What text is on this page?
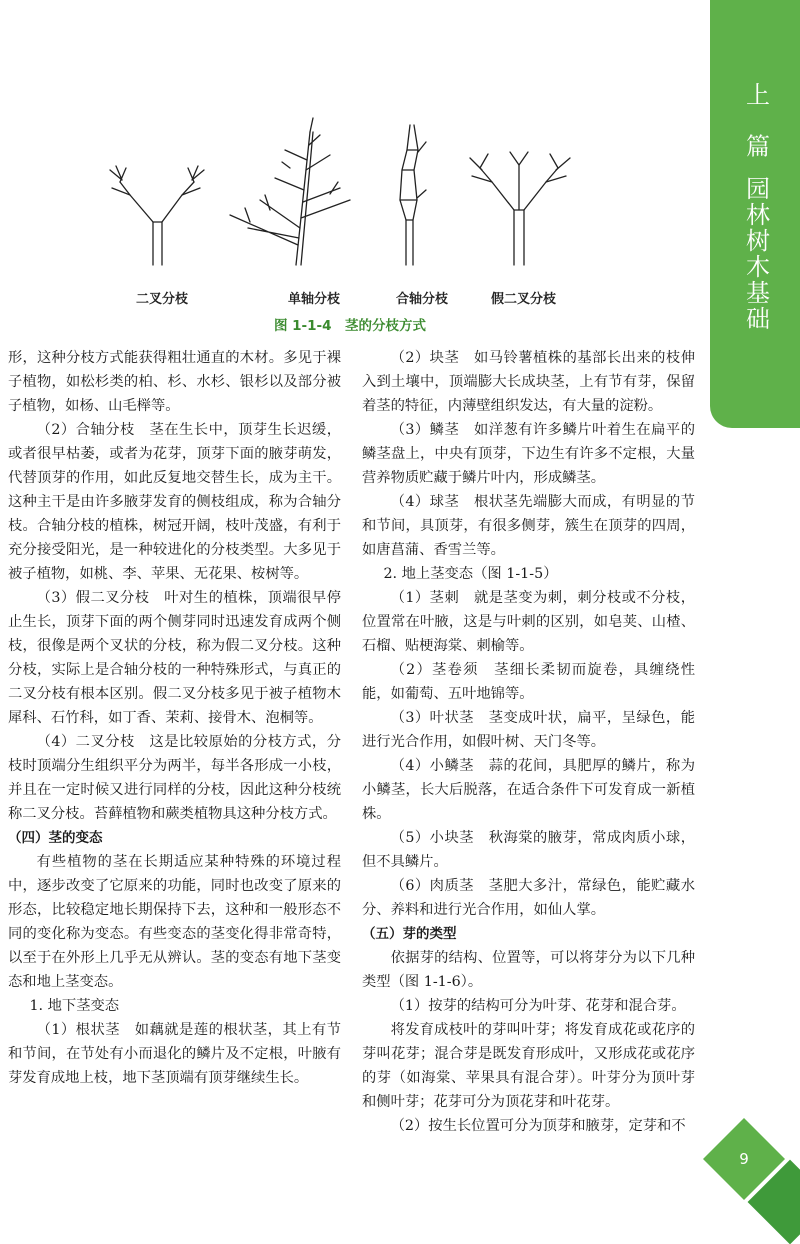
上 篇
园林树木基础
二叉分枝	单轴分枝	合轴分枝	假二叉分枝
图 1-1-4　茎的分枝方式

形，这种分枝方式能获得粗壮通直的木材。多见于裸子植物，如松杉类的柏、杉、水杉、银杉以及部分被子植物，如杨、山毛榉等。

（2）合轴分枝　茎在生长中，顶芽生长迟缓，或者很早枯萎，或者为花芽，顶芽下面的腋芽萌发，代替顶芽的作用，如此反复地交替生长，成为主干。这种主干是由许多腋芽发育的侧枝组成，称为合轴分枝。合轴分枝的植株，树冠开阔，枝叶茂盛，有利于充分接受阳光，是一种较进化的分枝类型。大多见于被子植物，如桃、李、苹果、无花果、桉树等。

（3）假二叉分枝　叶对生的植株，顶端很早停止生长，顶芽下面的两个侧芽同时迅速发育成两个侧枝，很像是两个叉状的分枝，称为假二叉分枝。这种分枝，实际上是合轴分枝的一种特殊形式，与真正的二叉分枝有根本区别。假二叉分枝多见于被子植物木犀科、石竹科，如丁香、茉莉、接骨木、泡桐等。

（4）二叉分枝　这是比较原始的分枝方式，分枝时顶端分生组织平分为两半，每半各形成一小枝，并且在一定时候又进行同样的分枝，因此这种分枝统称二叉分枝。苔藓植物和蕨类植物具这种分枝方式。

（四）茎的变态

有些植物的茎在长期适应某种特殊的环境过程中，逐步改变了它原来的功能，同时也改变了原来的形态，比较稳定地长期保持下去，这种和一般形态不同的变化称为变态。有些变态的茎变化得非常奇特，以至于在外形上几乎无从辨认。茎的变态有地下茎变态和地上茎变态。

1. 地下茎变态

（1）根状茎　如藕就是莲的根状茎，其上有节和节间，在节处有小而退化的鳞片及不定根，叶腋有芽发育成地上枝，地下茎顶端有顶芽继续生长。

（2）块茎　如马铃薯植株的基部长出来的枝伸入到土壤中，顶端膨大长成块茎，上有节有芽，保留着茎的特征，内薄壁组织发达，有大量的淀粉。

（3）鳞茎　如洋葱有许多鳞片叶着生在扁平的鳞茎盘上，中央有顶芽，下边生有许多不定根，大量营养物质贮藏于鳞片叶内，形成鳞茎。

（4）球茎　根状茎先端膨大而成，有明显的节和节间，具顶芽，有很多侧芽，簇生在顶芽的四周，如唐菖蒲、香雪兰等。

2. 地上茎变态（图 1-1-5）

（1）茎刺　就是茎变为刺，刺分枝或不分枝，位置常在叶腋，这是与叶刺的区别，如皂荚、山楂、石榴、贴梗海棠、刺榆等。

（2）茎卷须　茎细长柔韧而旋卷，具缠绕性能，如葡萄、五叶地锦等。

（3）叶状茎　茎变成叶状，扁平，呈绿色，能进行光合作用，如假叶树、天门冬等。

（4）小鳞茎　蒜的花间，具肥厚的鳞片，称为小鳞茎，长大后脱落，在适合条件下可发育成一新植株。

（5）小块茎　秋海棠的腋芽，常成肉质小球，但不具鳞片。

（6）肉质茎　茎肥大多汁，常绿色，能贮藏水分、养料和进行光合作用，如仙人掌。

（五）芽的类型

依据芽的结构、位置等，可以将芽分为以下几种类型（图 1-1-6）。

（1）按芽的结构可分为叶芽、花芽和混合芽。

将发育成枝叶的芽叫叶芽；将发育成花或花序的芽叫花芽；混合芽是既发育形成叶，又形成花或花序的芽（如海棠、苹果具有混合芽）。叶芽分为顶叶芽和侧叶芽；花芽可分为顶花芽和叶花芽。

（2）按生长位置可分为顶芽和腋芽，定芽和不

9
